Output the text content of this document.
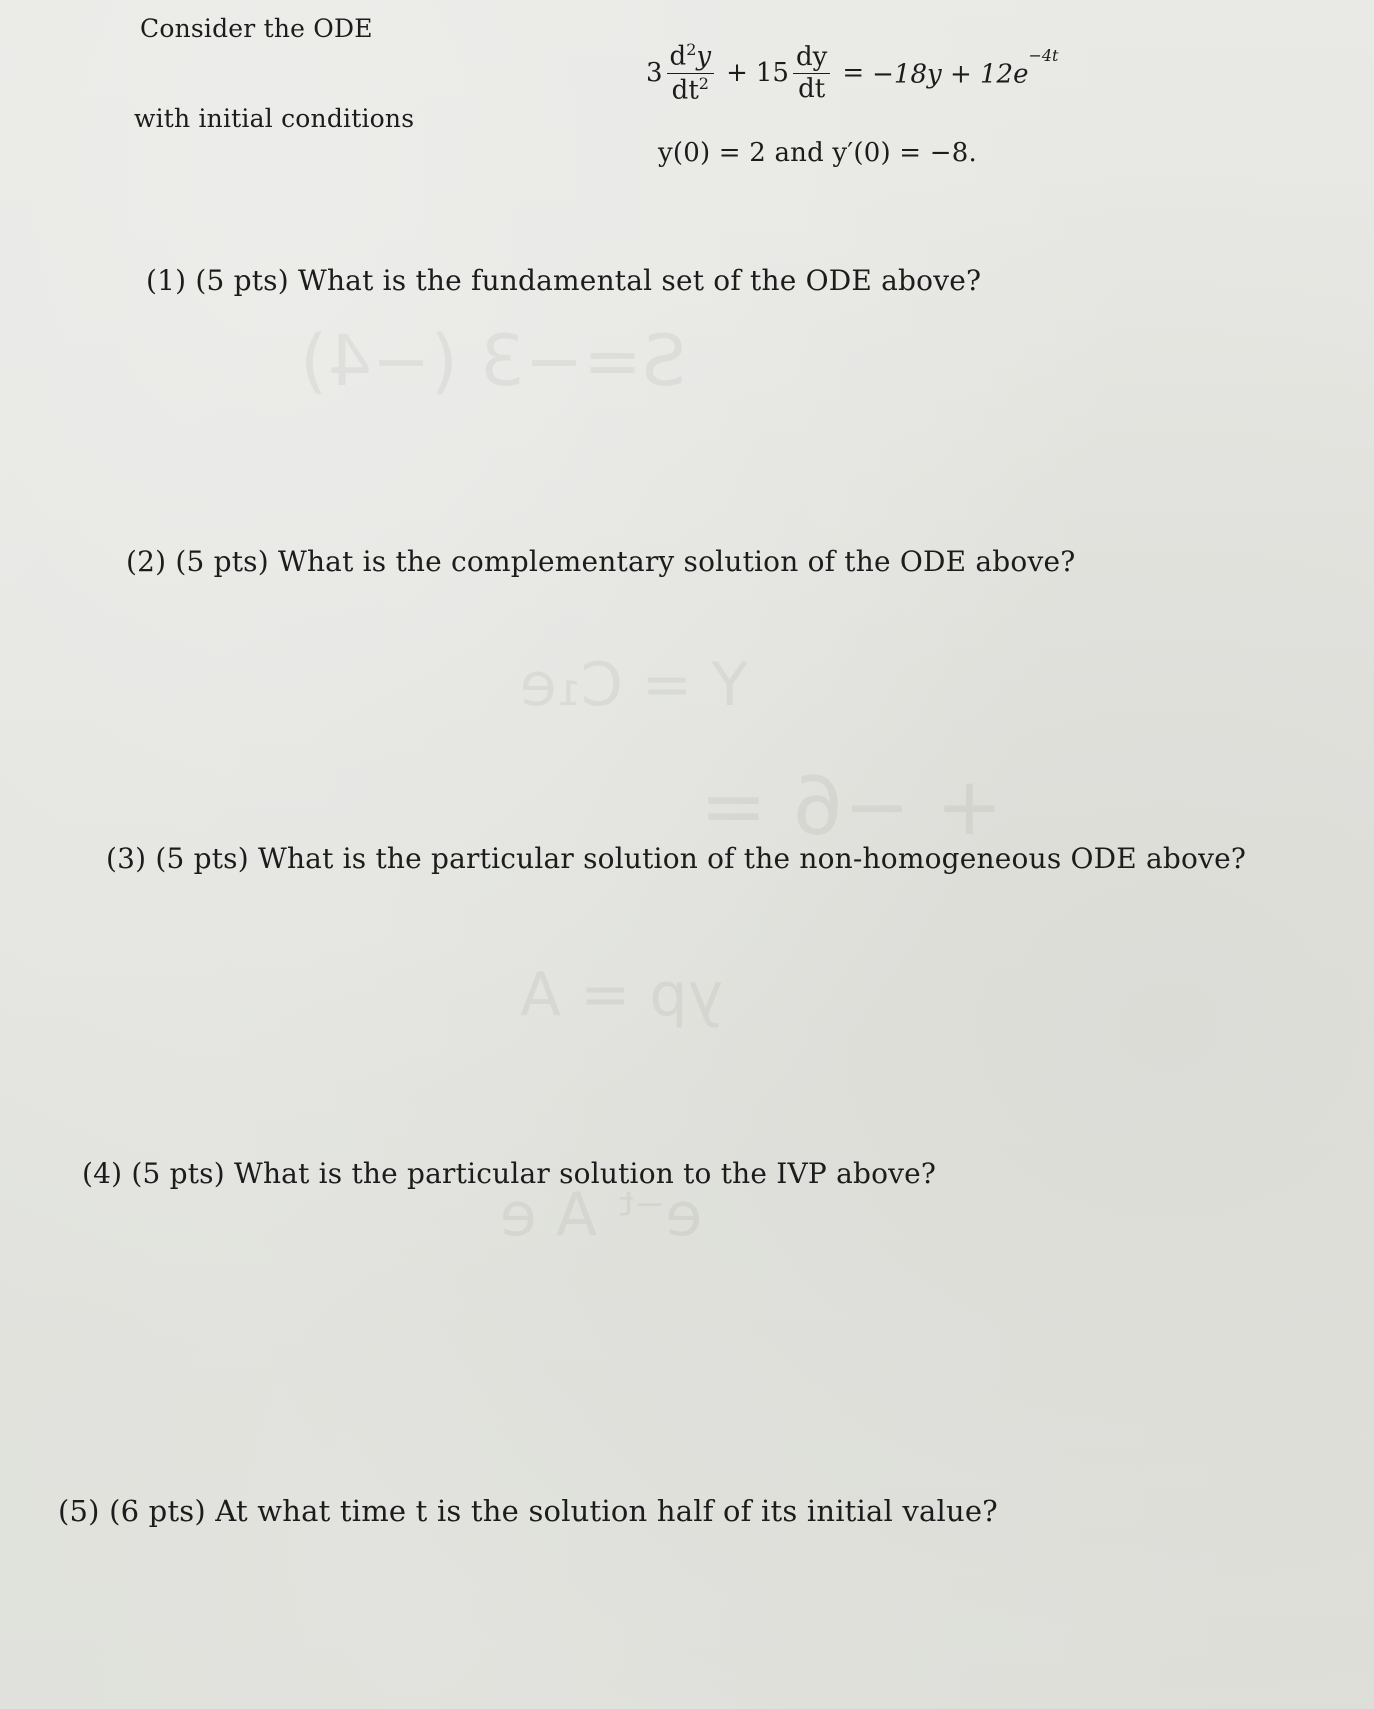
S=−3 (−4)
Y = C₁e
+ −6 =
yp = A
e⁻ᵗ A e
Consider the ODE
$3 \frac{d^2y}{dt^2} + 15 \frac{dy}{dt} = -18y + 12e^{-4t}$
with initial conditions
y(0) = 2 and y′(0) = −8.
(1) (5 pts) What is the fundamental set of the ODE above?
(2) (5 pts) What is the complementary solution of the ODE above?
(3) (5 pts) What is the particular solution of the non-homogeneous ODE above?
(4) (5 pts) What is the particular solution to the IVP above?
(5) (6 pts) At what time t is the solution half of its initial value?
